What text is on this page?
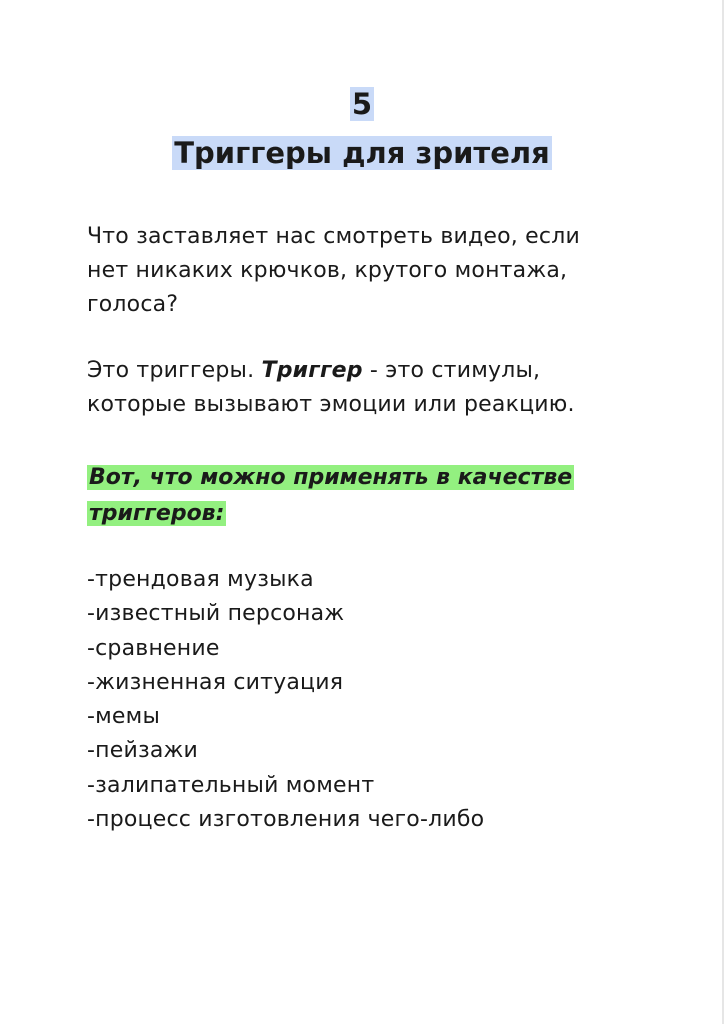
5
Триггеры для зрителя
Что заставляет нас смотреть видео, если
нет никаких крючков, крутого монтажа,
голоса?
Это триггеры. Триггер - это стимулы,
которые вызывают эмоции или реакцию.
Вот, что можно применять в качестве
триггеров:
-трендовая музыка
-известный персонаж
-сравнение
-жизненная ситуация
-мемы
-пейзажи
-залипательный момент
-процесс изготовления чего-либо
